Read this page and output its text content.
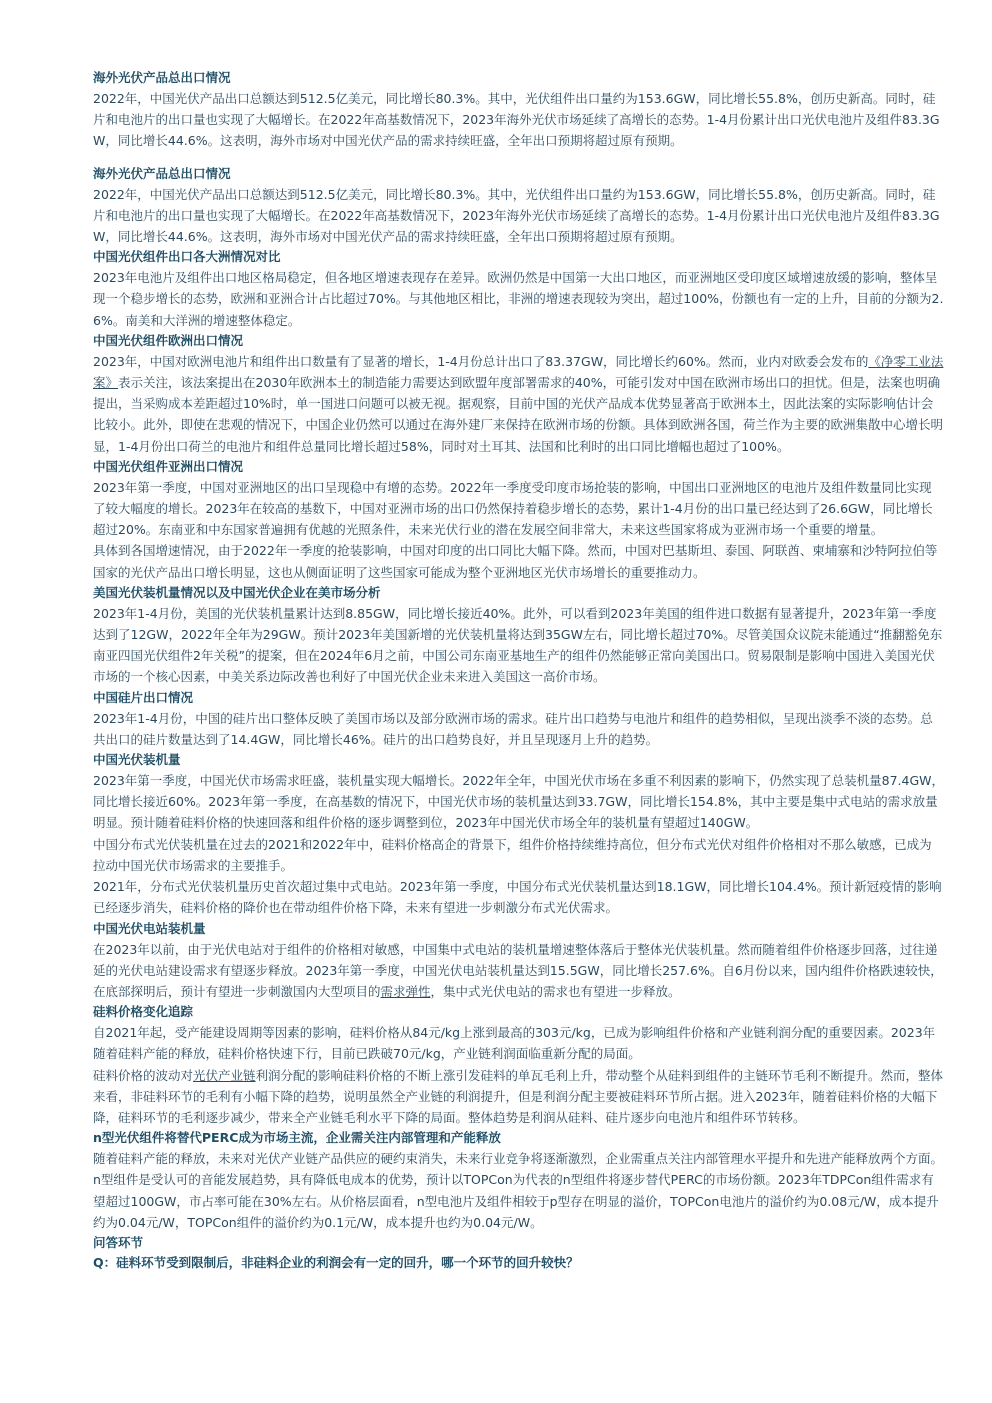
海外光伏产品总出口情况

2022年，中国光伏产品出口总额达到512.5亿美元，同比增长80.3%。其中，光伏组件出口量约为153.6GW，同比增长55.8%，创历史新高。同时，硅片和电池片的出口量也实现了大幅增长。在2022年高基数情况下，2023年海外光伏市场延续了高增长的态势。1-4月份累计出口光伏电池片及组件83.3GW，同比增长44.6%。这表明，海外市场对中国光伏产品的需求持续旺盛，全年出口预期将超过原有预期。

海外光伏产品总出口情况

2022年，中国光伏产品出口总额达到512.5亿美元，同比增长80.3%。其中，光伏组件出口量约为153.6GW，同比增长55.8%，创历史新高。同时，硅片和电池片的出口量也实现了大幅增长。在2022年高基数情况下，2023年海外光伏市场延续了高增长的态势。1-4月份累计出口光伏电池片及组件83.3GW，同比增长44.6%。这表明，海外市场对中国光伏产品的需求持续旺盛，全年出口预期将超过原有预期。

中国光伏组件出口各大洲情况对比

2023年电池片及组件出口地区格局稳定，但各地区增速表现存在差异。欧洲仍然是中国第一大出口地区，而亚洲地区受印度区域增速放缓的影响，整体呈现一个稳步增长的态势，欧洲和亚洲合计占比超过70%。与其他地区相比，非洲的增速表现较为突出，超过100%，份额也有一定的上升，目前的分额为2.6%。南美和大洋洲的增速整体稳定。

中国光伏组件欧洲出口情况

2023年，中国对欧洲电池片和组件出口数量有了显著的增长，1-4月份总计出口了83.37GW，同比增长约60%。然而，业内对欧委会发布的《净零工业法案》表示关注，该法案提出在2030年欧洲本土的制造能力需要达到欧盟年度部署需求的40%，可能引发对中国在欧洲市场出口的担忧。但是，法案也明确提出，当采购成本差距超过10%时，单一国进口问题可以被无视。据观察，目前中国的光伏产品成本优势显著高于欧洲本土，因此法案的实际影响估计会比较小。此外，即使在悲观的情况下，中国企业仍然可以通过在海外建厂来保持在欧洲市场的份额。具体到欧洲各国，荷兰作为主要的欧洲集散中心增长明显，1-4月份出口荷兰的电池片和组件总量同比增长超过58%，同时对土耳其、法国和比利时的出口同比增幅也超过了100%。

中国光伏组件亚洲出口情况

2023年第一季度，中国对亚洲地区的出口呈现稳中有增的态势。2022年一季度受印度市场抢装的影响，中国出口亚洲地区的电池片及组件数量同比实现了较大幅度的增长。2023年在较高的基数下，中国对亚洲市场的出口仍然保持着稳步增长的态势，累计1-4月份的出口量已经达到了26.6GW，同比增长超过20%。东南亚和中东国家普遍拥有优越的光照条件，未来光伏行业的潜在发展空间非常大，未来这些国家将成为亚洲市场一个重要的增量。

具体到各国增速情况，由于2022年一季度的抢装影响，中国对印度的出口同比大幅下降。然而，中国对巴基斯坦、泰国、阿联酋、柬埔寨和沙特阿拉伯等国家的光伏产品出口增长明显，这也从侧面证明了这些国家可能成为整个亚洲地区光伏市场增长的重要推动力。

美国光伏装机量情况以及中国光伏企业在美市场分析

2023年1-4月份，美国的光伏装机量累计达到8.85GW，同比增长接近40%。此外，可以看到2023年美国的组件进口数据有显著提升，2023年第一季度达到了12GW，2022年全年为29GW。预计2023年美国新增的光伏装机量将达到35GW左右，同比增长超过70%。尽管美国众议院未能通过“推翻豁免东南亚四国光伏组件2年关税”的提案，但在2024年6月之前，中国公司东南亚基地生产的组件仍然能够正常向美国出口。贸易限制是影响中国进入美国光伏市场的一个核心因素，中美关系边际改善也利好了中国光伏企业未来进入美国这一高价市场。

中国硅片出口情况

2023年1-4月份，中国的硅片出口整体反映了美国市场以及部分欧洲市场的需求。硅片出口趋势与电池片和组件的趋势相似，呈现出淡季不淡的态势。总共出口的硅片数量达到了14.4GW，同比增长46%。硅片的出口趋势良好，并且呈现逐月上升的趋势。

中国光伏装机量

2023年第一季度，中国光伏市场需求旺盛，装机量实现大幅增长。2022年全年，中国光伏市场在多重不利因素的影响下，仍然实现了总装机量87.4GW，同比增长接近60%。2023年第一季度，在高基数的情况下，中国光伏市场的装机量达到33.7GW，同比增长154.8%，其中主要是集中式电站的需求放量明显。预计随着硅料价格的快速回落和组件价格的逐步调整到位，2023年中国光伏市场全年的装机量有望超过140GW。

中国分布式光伏装机量在过去的2021和2022年中，硅料价格高企的背景下，组件价格持续维持高位，但分布式光伏对组件价格相对不那么敏感，已成为拉动中国光伏市场需求的主要推手。

2021年，分布式光伏装机量历史首次超过集中式电站。2023年第一季度，中国分布式光伏装机量达到18.1GW，同比增长104.4%。预计新冠疫情的影响已经逐步消失，硅料价格的降价也在带动组件价格下降，未来有望进一步刺激分布式光伏需求。

中国光伏电站装机量

在2023年以前，由于光伏电站对于组件的价格相对敏感，中国集中式电站的装机量增速整体落后于整体光伏装机量。然而随着组件价格逐步回落，过往递延的光伏电站建设需求有望逐步释放。2023年第一季度，中国光伏电站装机量达到15.5GW，同比增长257.6%。自6月份以来，国内组件价格跌速较快，在底部探明后，预计有望进一步刺激国内大型项目的需求弹性，集中式光伏电站的需求也有望进一步释放。

硅料价格变化追踪

自2021年起，受产能建设周期等因素的影响，硅料价格从84元/kg上涨到最高的303元/kg，已成为影响组件价格和产业链利润分配的重要因素。2023年随着硅料产能的释放，硅料价格快速下行，目前已跌破70元/kg，产业链利润面临重新分配的局面。

硅料价格的波动对光伏产业链利润分配的影响硅料价格的不断上涨引发硅料的单瓦毛利上升，带动整个从硅料到组件的主链环节毛利不断提升。然而，整体来看，非硅料环节的毛利有小幅下降的趋势，说明虽然全产业链的利润提升，但是利润分配主要被硅料环节所占据。进入2023年，随着硅料价格的大幅下降，硅料环节的毛利逐步减少，带来全产业链毛利水平下降的局面。整体趋势是利润从硅料、硅片逐步向电池片和组件环节转移。

n型光伏组件将替代PERC成为市场主流，企业需关注内部管理和产能释放

随着硅料产能的释放，未来对光伏产业链产品供应的硬约束消失，未来行业竞争将逐渐激烈，企业需重点关注内部管理水平提升和先进产能释放两个方面。n型组件是受认可的音能发展趋势，具有降低电成本的优势，预计以TOPCon为代表的n型组件将逐步替代PERC的市场份额。2023年TDPCon组件需求有望超过100GW，市占率可能在30%左右。从价格层面看，n型电池片及组件相较于p型存在明显的溢价，TOPCon电池片的溢价约为0.08元/W，成本提升约为0.04元/W，TOPCon组件的溢价约为0.1元/W，成本提升也约为0.04元/W。

问答环节

Q：硅料环节受到限制后，非硅料企业的利润会有一定的回升，哪一个环节的回升较快？
